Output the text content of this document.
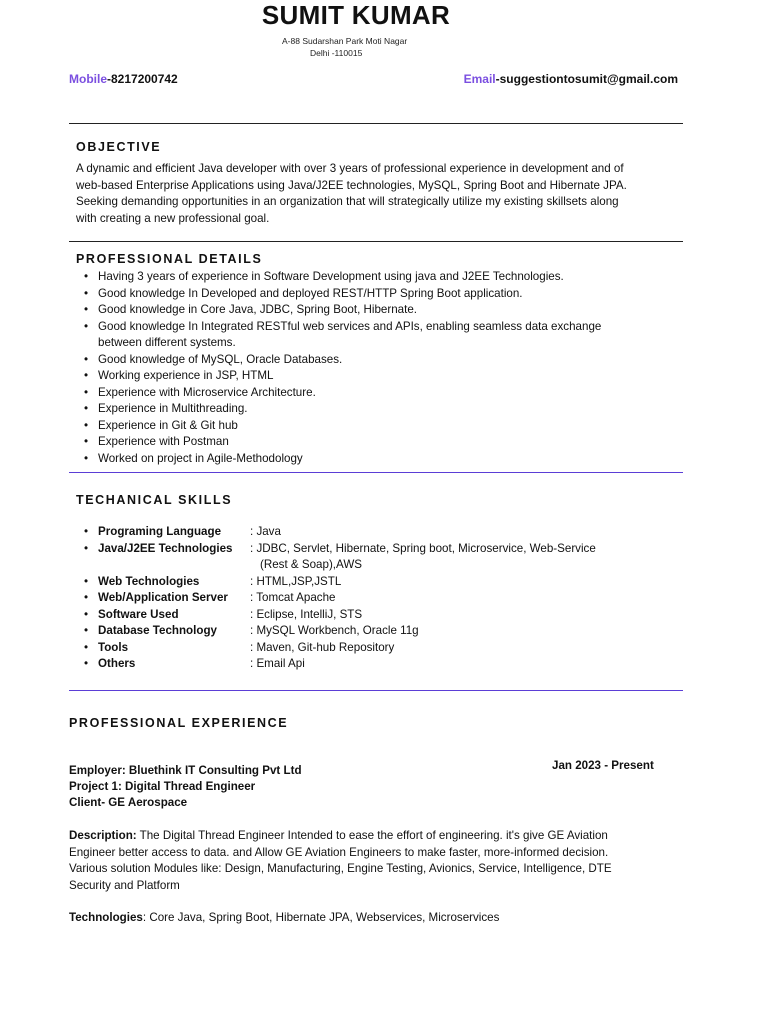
SUMIT KUMAR
A-88 Sudarshan Park Moti Nagar
Delhi -110015
Mobile-8217200742	Email-suggestiontosumit@gmail.com
OBJECTIVE
A dynamic and efficient Java developer with over 3 years of professional experience in development and of
web-based Enterprise Applications using Java/J2EE technologies, MySQL, Spring Boot and Hibernate JPA.
Seeking demanding opportunities in an organization that will strategically utilize my existing skillsets along
with creating a new professional goal.
PROFESSIONAL DETAILS
• Having 3 years of experience in Software Development using java and J2EE Technologies.
• Good knowledge In Developed and deployed REST/HTTP Spring Boot application.
• Good knowledge in Core Java, JDBC, Spring Boot, Hibernate.
• Good knowledge In Integrated RESTful web services and APIs, enabling seamless data exchange
between different systems.
• Good knowledge of MySQL, Oracle Databases.
• Working experience in JSP, HTML
• Experience with Microservice Architecture.
• Experience in Multithreading.
• Experience in Git & Git hub
• Experience with Postman
• Worked on project in Agile-Methodology
TECHANICAL SKILLS
• Programing Language : Java
• Java/J2EE Technologies : JDBC, Servlet, Hibernate, Spring boot, Microservice, Web-Service
(Rest & Soap),AWS
• Web Technologies	: HTML,JSP,JSTL
• Web/Application Server : Tomcat Apache
• Software Used	: Eclipse, IntelliJ, STS
• Database Technology	: MySQL Workbench, Oracle 11g
• Tools	: Maven, Git-hub Repository
• Others	: Email Api
PROFESSIONAL EXPERIENCE
Jan 2023 - Present
Employer: Bluethink IT Consulting Pvt Ltd
Project 1: Digital Thread Engineer
Client- GE Aerospace
Description: The Digital Thread Engineer Intended to ease the effort of engineering. it's give GE Aviation
Engineer better access to data. and Allow GE Aviation Engineers to make faster, more-informed decision.
Various solution Modules like: Design, Manufacturing, Engine Testing, Avionics, Service, Intelligence, DTE
Security and Platform
Technologies: Core Java, Spring Boot, Hibernate JPA, Webservices, Microservices
